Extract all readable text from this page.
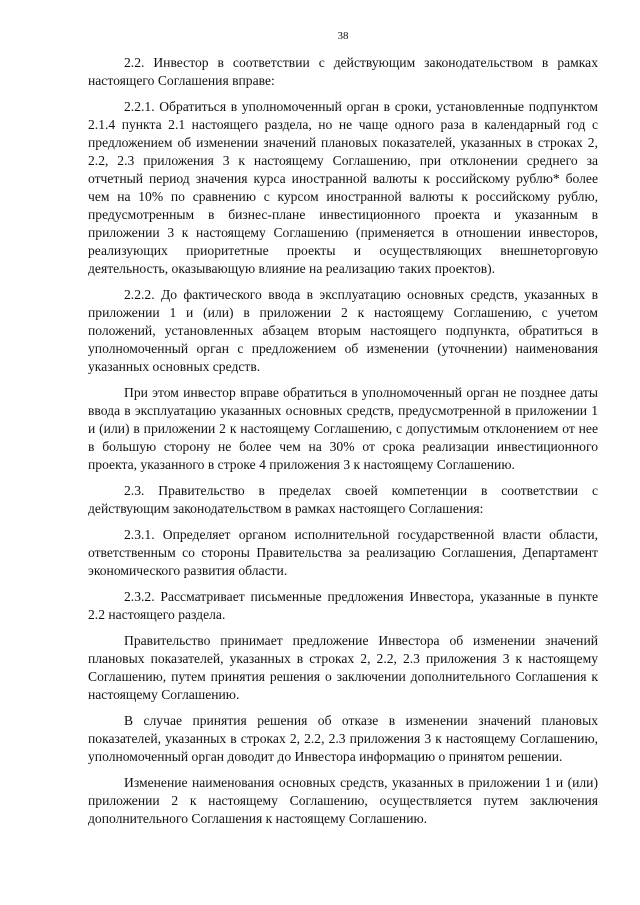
38

2.2. Инвестор в соответствии с действующим законодательством в рамках настоящего Соглашения вправе:

2.2.1. Обратиться в уполномоченный орган в сроки, установленные подпунктом 2.1.4 пункта 2.1 настоящего раздела, но не чаще одного раза в календарный год с предложением об изменении значений плановых показателей, указанных в строках 2, 2.2, 2.3 приложения 3 к настоящему Соглашению, при отклонении среднего за отчетный период значения курса иностранной валюты к российскому рублю* более чем на 10% по сравнению с курсом иностранной валюты к российскому рублю, предусмотренным в бизнес-плане инвестиционного проекта и указанным в приложении 3 к настоящему Соглашению (применяется в отношении инвесторов, реализующих приоритетные проекты и осуществляющих внешнеторговую деятельность, оказывающую влияние на реализацию таких проектов).

2.2.2. До фактического ввода в эксплуатацию основных средств, указанных в приложении 1 и (или) в приложении 2 к настоящему Соглашению, с учетом положений, установленных абзацем вторым настоящего подпункта, обратиться в уполномоченный орган с предложением об изменении (уточнении) наименования указанных основных средств.

При этом инвестор вправе обратиться в уполномоченный орган не позднее даты ввода в эксплуатацию указанных основных средств, предусмотренной в приложении 1 и (или) в приложении 2 к настоящему Соглашению, с допустимым отклонением от нее в большую сторону не более чем на 30% от срока реализации инвестиционного проекта, указанного в строке 4 приложения 3 к настоящему Соглашению.

2.3. Правительство в пределах своей компетенции в соответствии с действующим законодательством в рамках настоящего Соглашения:

2.3.1. Определяет органом исполнительной государственной власти области, ответственным со стороны Правительства за реализацию Соглашения, Департамент экономического развития области.

2.3.2. Рассматривает письменные предложения Инвестора, указанные в пункте 2.2 настоящего раздела.

Правительство принимает предложение Инвестора об изменении значений плановых показателей, указанных в строках 2, 2.2, 2.3 приложения 3 к настоящему Соглашению, путем принятия решения о заключении дополнительного Соглашения к настоящему Соглашению.

В случае принятия решения об отказе в изменении значений плановых показателей, указанных в строках 2, 2.2, 2.3 приложения 3 к настоящему Соглашению, уполномоченный орган доводит до Инвестора информацию о принятом решении.

Изменение наименования основных средств, указанных в приложении 1 и (или) приложении 2 к настоящему Соглашению, осуществляется путем заключения дополнительного Соглашения к настоящему Соглашению.
